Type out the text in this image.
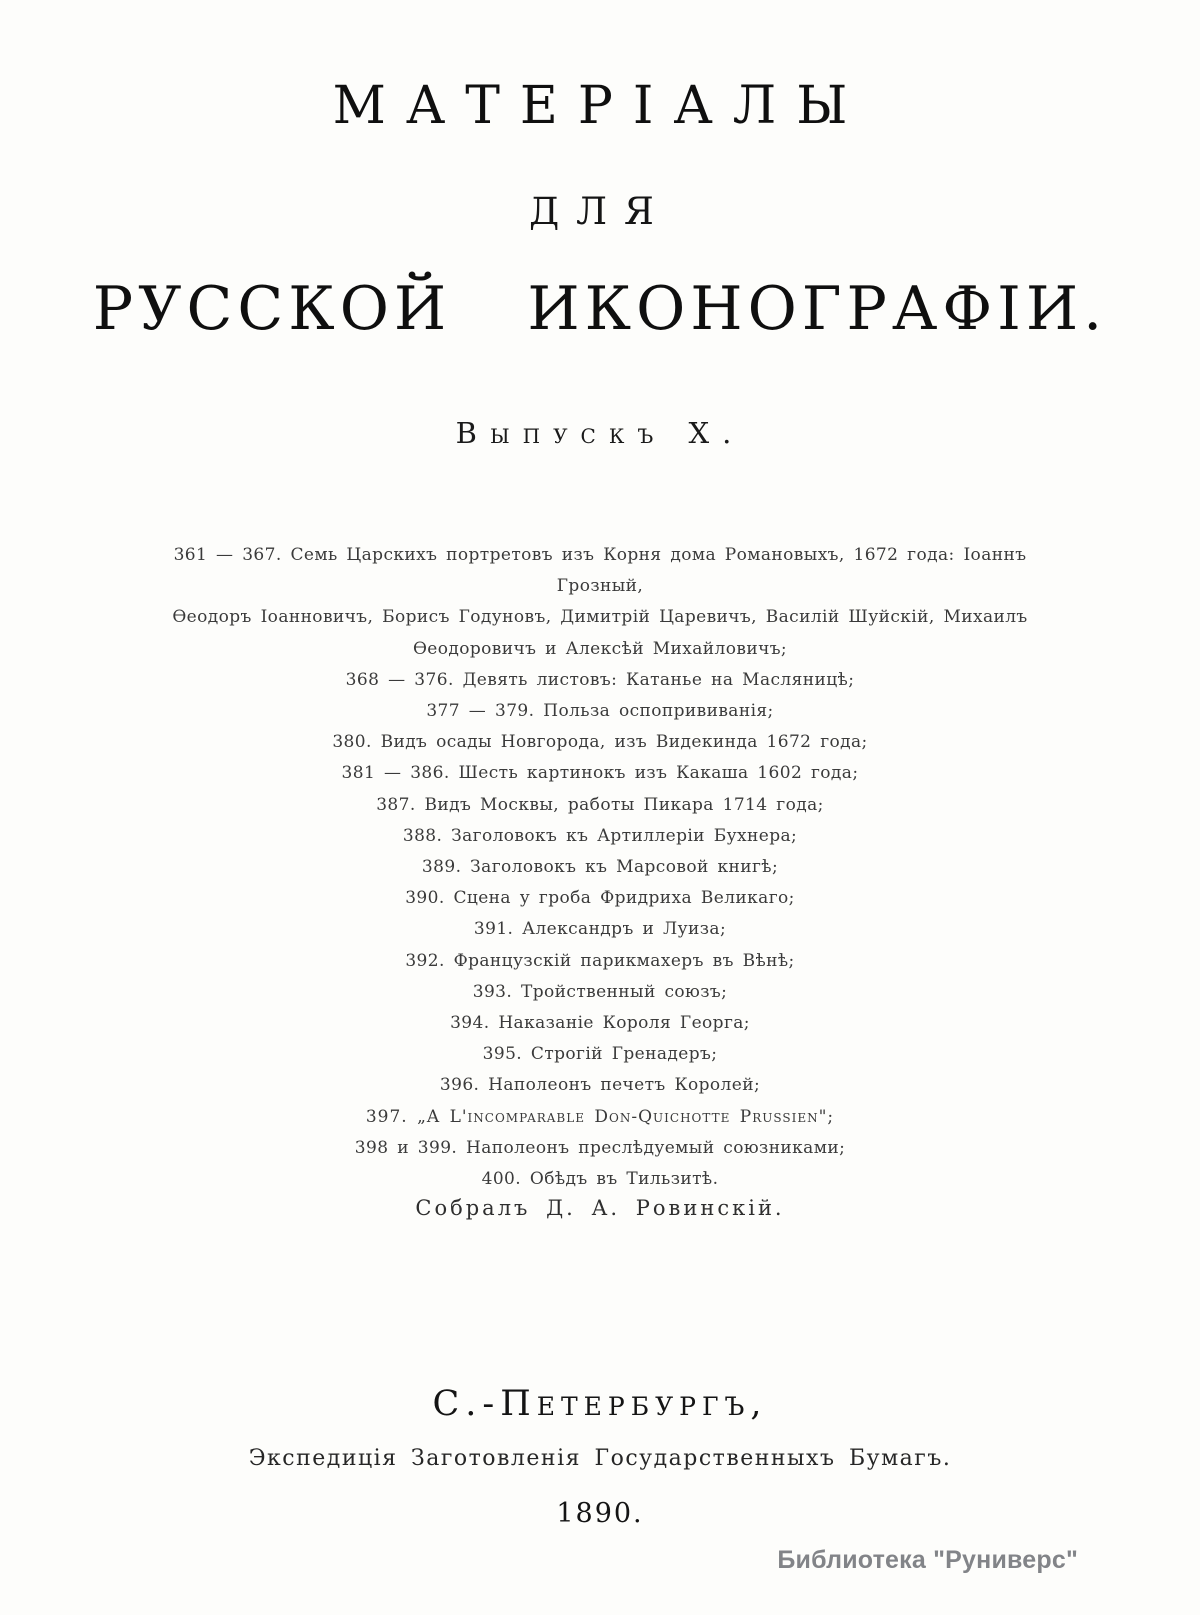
МАТЕРІАЛЫ
ДЛЯ
РУССКОЙ ИКОНОГРАФІИ.
Выпускъ X.
361 — 367. Семь Царскихъ портретовъ изъ Корня дома Романовыхъ, 1672 года: Іоаннъ Грозный,
Ѳеодоръ Іоанновичъ, Борисъ Годуновъ, Димитрій Царевичъ, Василій Шуйскій, Михаилъ
Ѳеодоровичъ и Алексѣй Михайловичъ;
368 — 376. Девять листовъ: Катанье на Масляницѣ;
377 — 379. Польза оспопрививанія;
380. Видъ осады Новгорода, изъ Видекинда 1672 года;
381 — 386. Шесть картинокъ изъ Какаша 1602 года;
387. Видъ Москвы, работы Пикара 1714 года;
388. Заголовокъ къ Артиллеріи Бухнера;
389. Заголовокъ къ Марсовой книгѣ;
390. Сцена у гроба Фридриха Великаго;
391. Александръ и Луиза;
392. Французскій парикмахеръ въ Вѣнѣ;
393. Тройственный союзъ;
394. Наказаніе Короля Георга;
395. Строгій Гренадеръ;
396. Наполеонъ печетъ Королей;
397. „A L'incomparable Don-Quichotte Prussien";
398 и 399. Наполеонъ преслѣдуемый союзниками;
400. Обѣдъ въ Тильзитѣ.
Собралъ Д. А. Ровинскій.
С.-Петербургъ,
Экспедиція Заготовленія Государственныхъ Бумагъ.
1890.
Библиотека "Руниверс"
